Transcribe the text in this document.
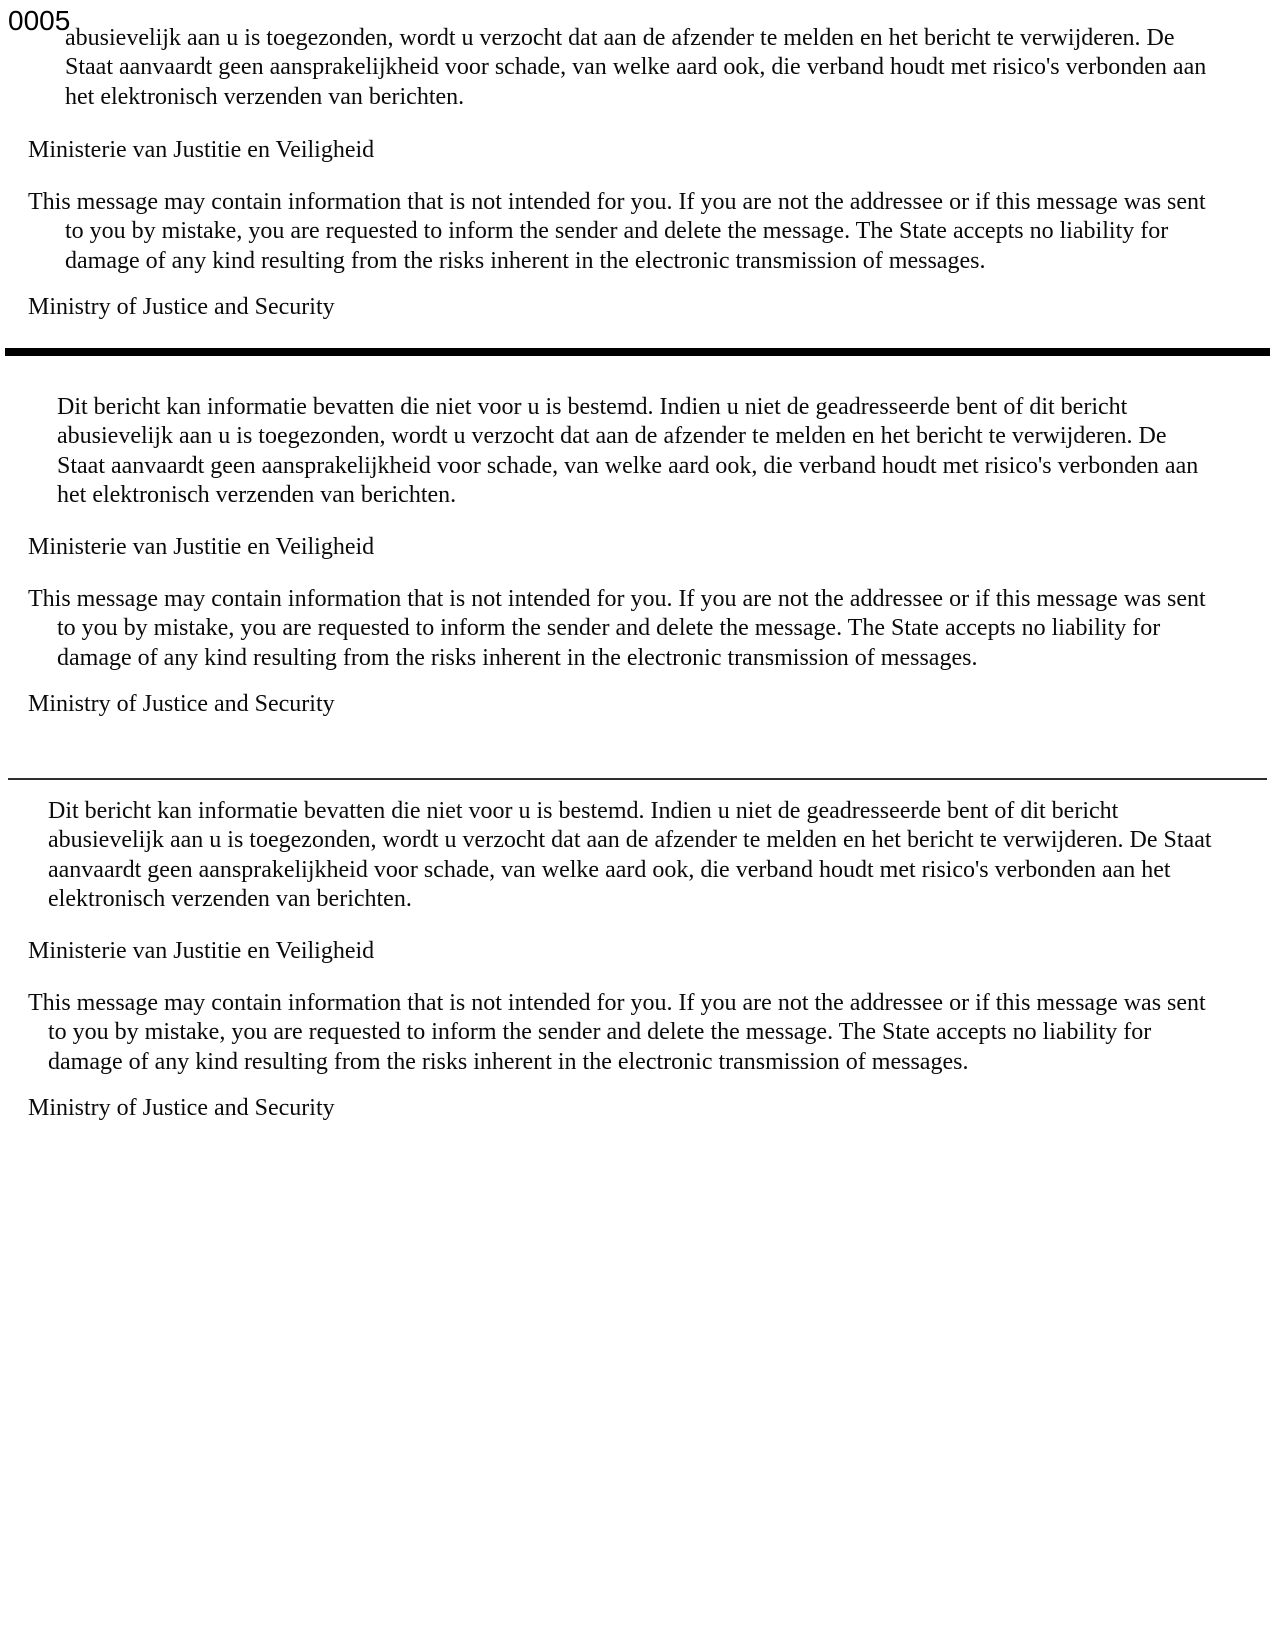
0005
abusievelijk aan u is toegezonden, wordt u verzocht dat aan de afzender te melden en het bericht te verwijderen. De
Staat aanvaardt geen aansprakelijkheid voor schade, van welke aard ook, die verband houdt met risico's verbonden aan
het elektronisch verzenden van berichten.
Ministerie van Justitie en Veiligheid
This message may contain information that is not intended for you. If you are not the addressee or if this message was sent
to you by mistake, you are requested to inform the sender and delete the message. The State accepts no liability for
damage of any kind resulting from the risks inherent in the electronic transmission of messages.
Ministry of Justice and Security
Dit bericht kan informatie bevatten die niet voor u is bestemd. Indien u niet de geadresseerde bent of dit bericht
abusievelijk aan u is toegezonden, wordt u verzocht dat aan de afzender te melden en het bericht te verwijderen. De
Staat aanvaardt geen aansprakelijkheid voor schade, van welke aard ook, die verband houdt met risico's verbonden aan
het elektronisch verzenden van berichten.
Ministerie van Justitie en Veiligheid
This message may contain information that is not intended for you. If you are not the addressee or if this message was sent
to you by mistake, you are requested to inform the sender and delete the message. The State accepts no liability for
damage of any kind resulting from the risks inherent in the electronic transmission of messages.
Ministry of Justice and Security
Dit bericht kan informatie bevatten die niet voor u is bestemd. Indien u niet de geadresseerde bent of dit bericht
abusievelijk aan u is toegezonden, wordt u verzocht dat aan de afzender te melden en het bericht te verwijderen. De Staat
aanvaardt geen aansprakelijkheid voor schade, van welke aard ook, die verband houdt met risico's verbonden aan het
elektronisch verzenden van berichten.
Ministerie van Justitie en Veiligheid
This message may contain information that is not intended for you. If you are not the addressee or if this message was sent
to you by mistake, you are requested to inform the sender and delete the message. The State accepts no liability for
damage of any kind resulting from the risks inherent in the electronic transmission of messages.
Ministry of Justice and Security
